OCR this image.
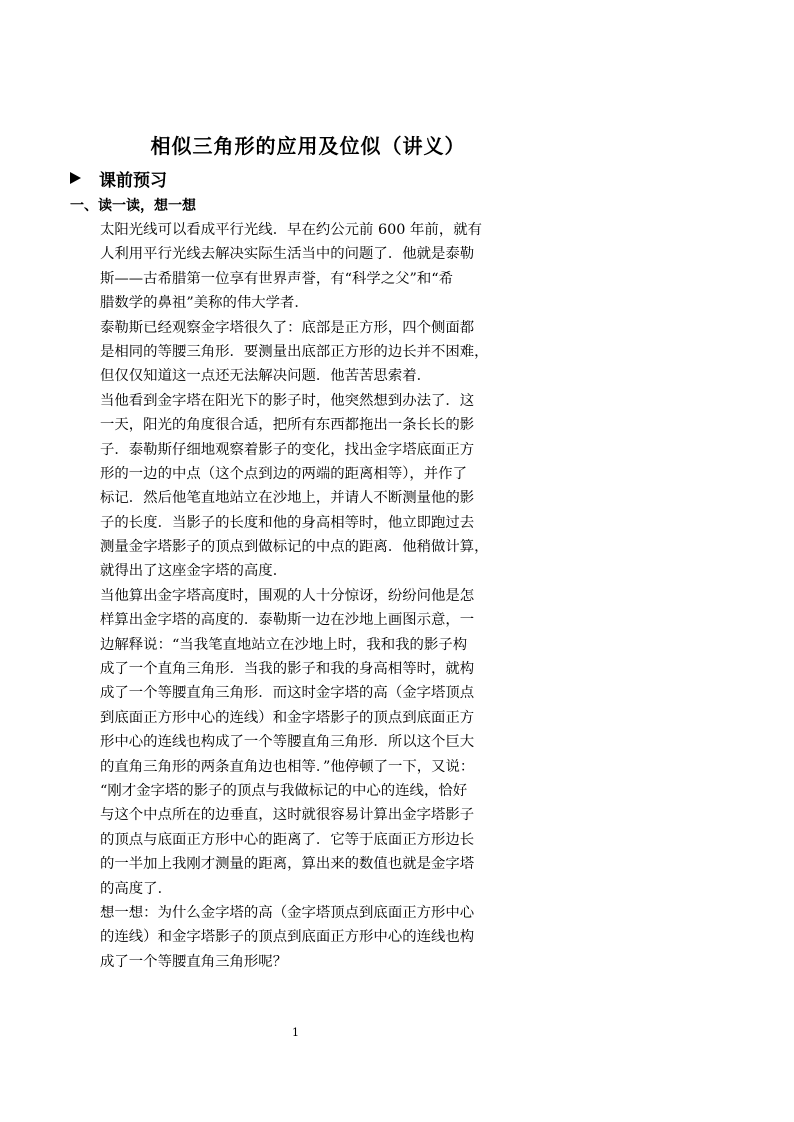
相似三角形的应用及位似（讲义）
课前预习
一、读一读，想一想
太阳光线可以看成平行光线．早在约公元前 600 年前，就有
人利用平行光线去解决实际生活当中的问题了．他就是泰勒
斯——古希腊第一位享有世界声誉，有“科学之父”和“希
腊数学的鼻祖”美称的伟大学者．
泰勒斯已经观察金字塔很久了：底部是正方形，四个侧面都
是相同的等腰三角形．要测量出底部正方形的边长并不困难，
但仅仅知道这一点还无法解决问题．他苦苦思索着．
当他看到金字塔在阳光下的影子时，他突然想到办法了．这
一天，阳光的角度很合适，把所有东西都拖出一条长长的影
子．泰勒斯仔细地观察着影子的变化，找出金字塔底面正方
形的一边的中点（这个点到边的两端的距离相等），并作了
标记．然后他笔直地站立在沙地上，并请人不断测量他的影
子的长度．当影子的长度和他的身高相等时，他立即跑过去
测量金字塔影子的顶点到做标记的中点的距离．他稍做计算，
就得出了这座金字塔的高度．
当他算出金字塔高度时，围观的人十分惊讶，纷纷问他是怎
样算出金字塔的高度的．泰勒斯一边在沙地上画图示意，一
边解释说：“当我笔直地站立在沙地上时，我和我的影子构
成了一个直角三角形．当我的影子和我的身高相等时，就构
成了一个等腰直角三角形．而这时金字塔的高（金字塔顶点
到底面正方形中心的连线）和金字塔影子的顶点到底面正方
形中心的连线也构成了一个等腰直角三角形．所以这个巨大
的直角三角形的两条直角边也相等．”他停顿了一下，又说：
“刚才金字塔的影子的顶点与我做标记的中心的连线，恰好
与这个中点所在的边垂直，这时就很容易计算出金字塔影子
的顶点与底面正方形中心的距离了．它等于底面正方形边长
的一半加上我刚才测量的距离，算出来的数值也就是金字塔
的高度了．
想一想：为什么金字塔的高（金字塔顶点到底面正方形中心
的连线）和金字塔影子的顶点到底面正方形中心的连线也构
成了一个等腰直角三角形呢？
1
